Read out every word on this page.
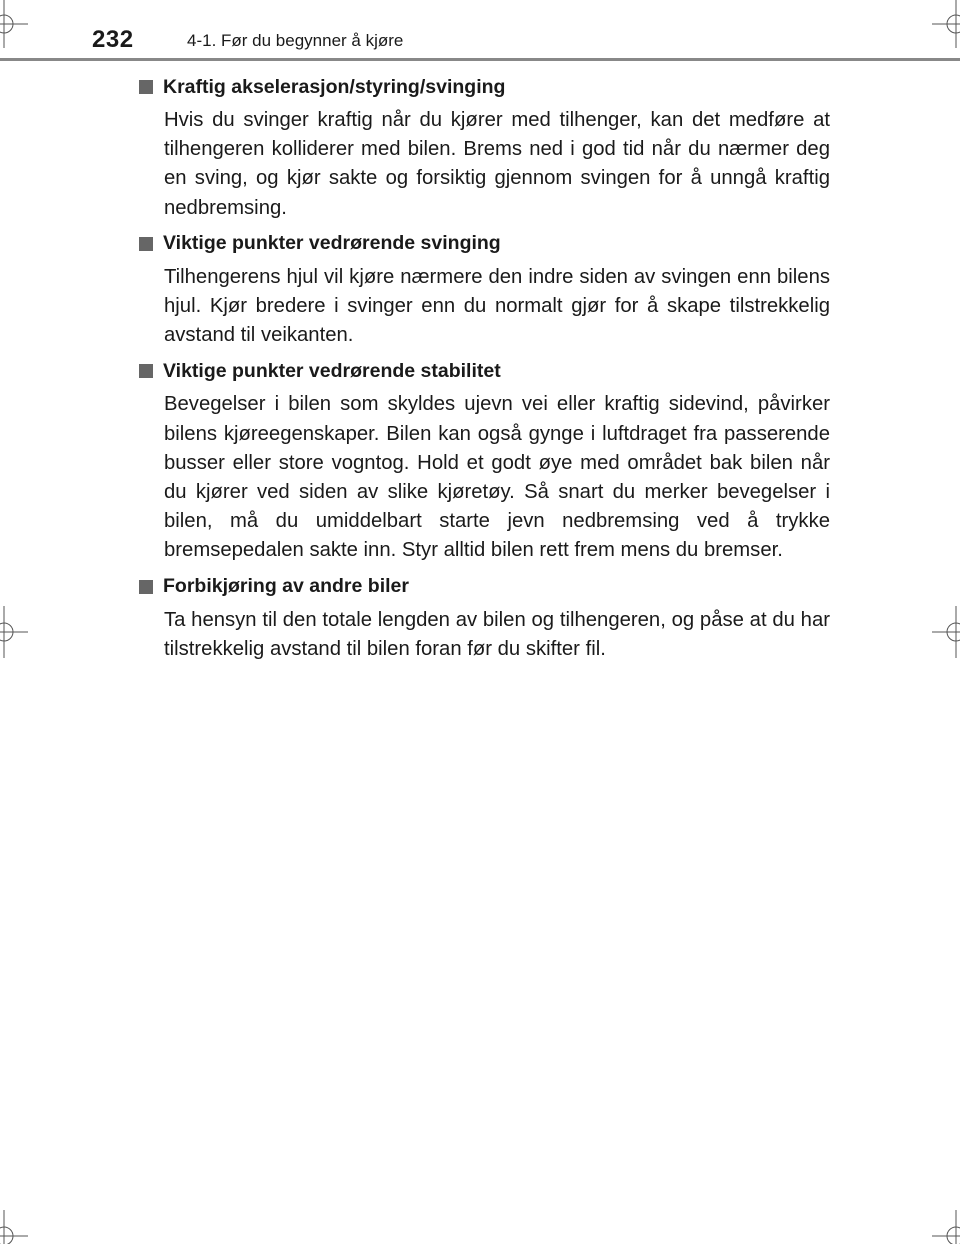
232	4-1. Før du begynner å kjøre
Kraftig akselerasjon/styring/svinging

Hvis du svinger kraftig når du kjører med tilhenger, kan det medføre at tilhengeren kolliderer med bilen. Brems ned i god tid når du nærmer deg en sving, og kjør sakte og forsiktig gjennom svingen for å unngå kraftig nedbremsing.

Viktige punkter vedrørende svinging

Tilhengerens hjul vil kjøre nærmere den indre siden av svingen enn bilens hjul. Kjør bredere i svinger enn du normalt gjør for å skape tilstrekkelig avstand til veikanten.

Viktige punkter vedrørende stabilitet

Bevegelser i bilen som skyldes ujevn vei eller kraftig sidevind, påvirker bilens kjøreegenskaper. Bilen kan også gynge i luftdraget fra passerende busser eller store vogntog. Hold et godt øye med området bak bilen når du kjører ved siden av slike kjøretøy. Så snart du merker bevegelser i bilen, må du umiddelbart starte jevn nedbremsing ved å trykke bremsepedalen sakte inn. Styr alltid bilen rett frem mens du bremser.

Forbikjøring av andre biler

Ta hensyn til den totale lengden av bilen og tilhengeren, og påse at du har tilstrekkelig avstand til bilen foran før du skifter fil.
